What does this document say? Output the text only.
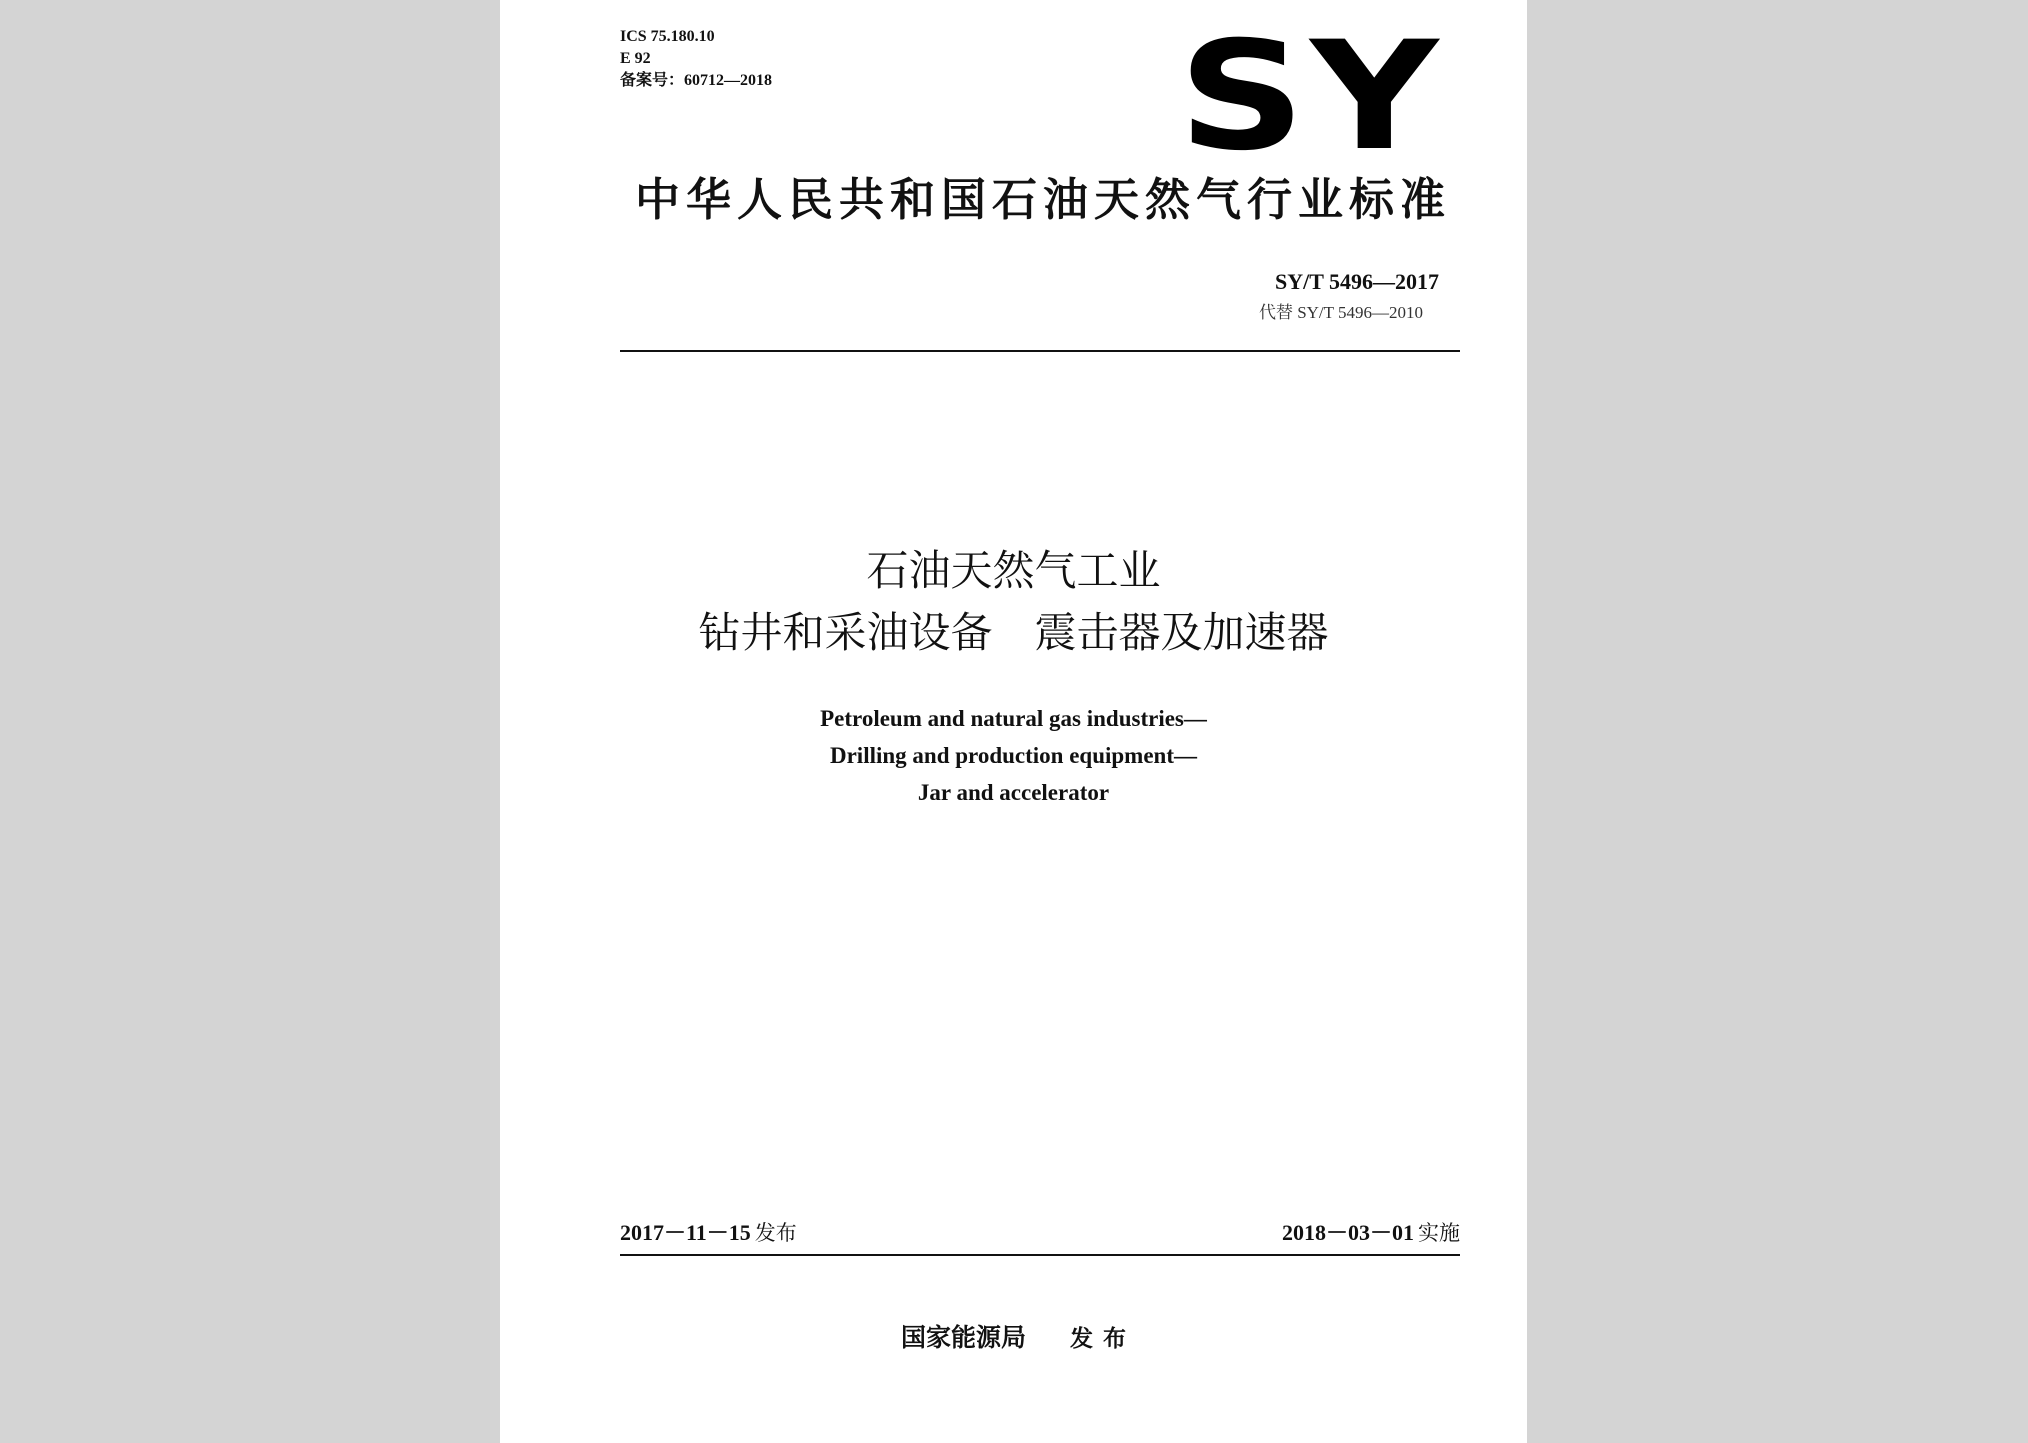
ICS 75.180.10
E 92
备案号：60712—2018	SY
中华人民共和国石油天然气行业标准
SY/T 5496—2017
代替 SY/T 5496—2010
石油天然气工业
钻井和采油设备 震击器及加速器
Petroleum and natural gas industries—
Drilling and production equipment—
Jar and accelerator
2017－11－15 发布	2018－03－01 实施
国家能源局 发布
